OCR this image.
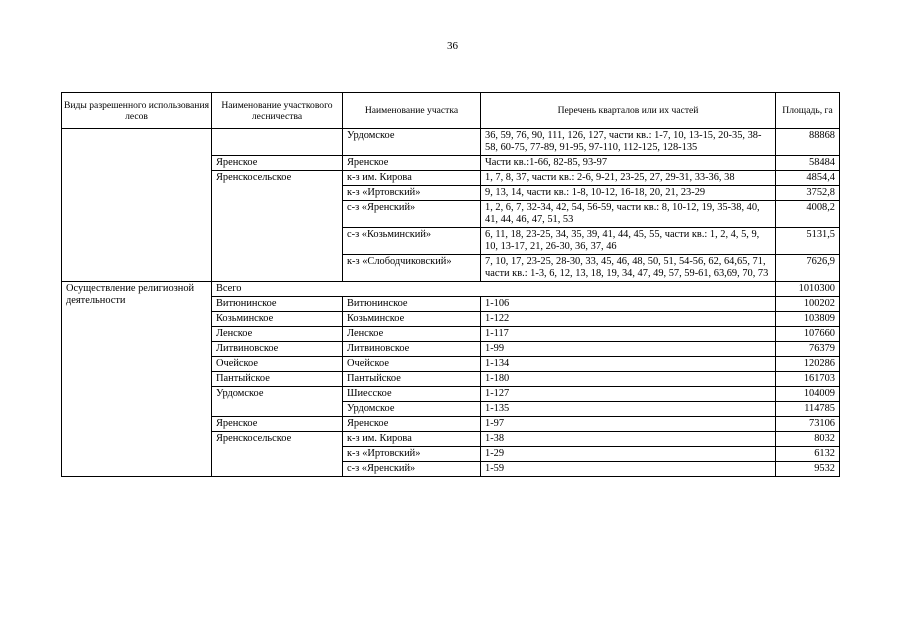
36
Виды разрешенного использования лесов	Наименование участкового лесничества	Наименование участка	Перечень кварталов или их частей	Площадь, га
		Урдомское	36, 59, 76, 90, 111, 126, 127, части кв.: 1-7, 10, 13-15, 20-35, 38-58, 60-75, 77-89, 91-95, 97-110, 112-125, 128-135	88868
	Яренское	Яренское	Части кв.:1-66, 82-85, 93-97	58484
	Яренскосельское	к-з им. Кирова	1, 7, 8, 37, части кв.: 2-6, 9-21, 23-25, 27, 29-31, 33-36, 38	4854,4
		к-з «Иртовский»	9, 13, 14, части кв.: 1-8, 10-12, 16-18, 20, 21, 23-29	3752,8
		с-з «Яренский»	1, 2, 6, 7, 32-34, 42, 54, 56-59, части кв.: 8, 10-12, 19, 35-38, 40, 41, 44, 46, 47, 51, 53	4008,2
		с-з «Козьминский»	6, 11, 18, 23-25, 34, 35, 39, 41, 44, 45, 55, части кв.: 1, 2, 4, 5, 9, 10, 13-17, 21, 26-30, 36, 37, 46	5131,5
		к-з «Слободчиковский»	7, 10, 17, 23-25, 28-30, 33, 45, 46, 48, 50, 51, 54-56, 62, 64,65, 71, части кв.: 1-3, 6, 12, 13, 18, 19, 34, 47, 49, 57, 59-61, 63,69, 70, 73	7626,9
Осуществление религиозной деятельности	Всего			1010300
	Витюнинское	Витюнинское	1-106	100202
	Козьминское	Козьминское	1-122	103809
	Ленское	Ленское	1-117	107660
	Литвиновское	Литвиновское	1-99	76379
	Очейское	Очейское	1-134	120286
	Пантыйское	Пантыйское	1-180	161703
	Урдомское	Шиесское	1-127	104009
		Урдомское	1-135	114785
	Яренское	Яренское	1-97	73106
	Яренскосельское	к-з им. Кирова	1-38	8032
		к-з «Иртовский»	1-29	6132
		с-з «Яренский»	1-59	9532
